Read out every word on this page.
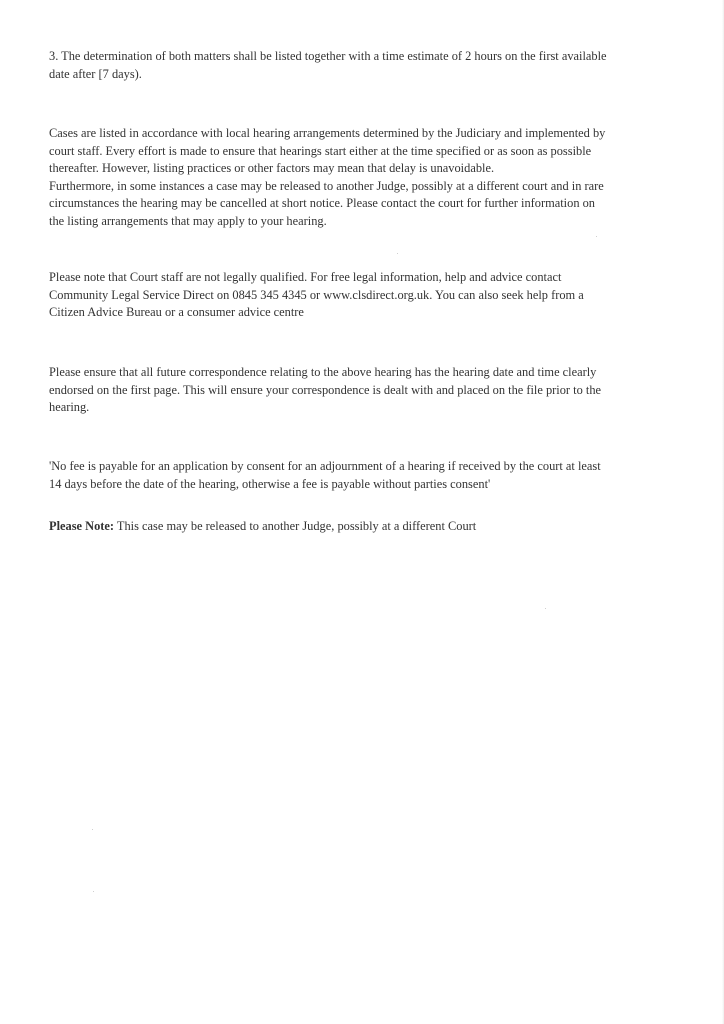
3. The determination of both matters shall be listed together with a time estimate of 2 hours on the first available
date after [7 days).

Cases are listed in accordance with local hearing arrangements determined by the Judiciary and implemented by
court staff. Every effort is made to ensure that hearings start either at the time specified or as soon as possible
thereafter. However, listing practices or other factors may mean that delay is unavoidable.
Furthermore, in some instances a case may be released to another Judge, possibly at a different court and in rare
circumstances the hearing may be cancelled at short notice. Please contact the court for further information on
the listing arrangements that may apply to your hearing.

Please note that Court staff are not legally qualified. For free legal information, help and advice contact
Community Legal Service Direct on 0845 345 4345 or www.clsdirect.org.uk. You can also seek help from a
Citizen Advice Bureau or a consumer advice centre

Please ensure that all future correspondence relating to the above hearing has the hearing date and time clearly
endorsed on the first page. This will ensure your correspondence is dealt with and placed on the file prior to the
hearing.

'No fee is payable for an application by consent for an adjournment of a hearing if received by the court at least
14 days before the date of the hearing, otherwise a fee is payable without parties consent'

Please Note: This case may be released to another Judge, possibly at a different Court
